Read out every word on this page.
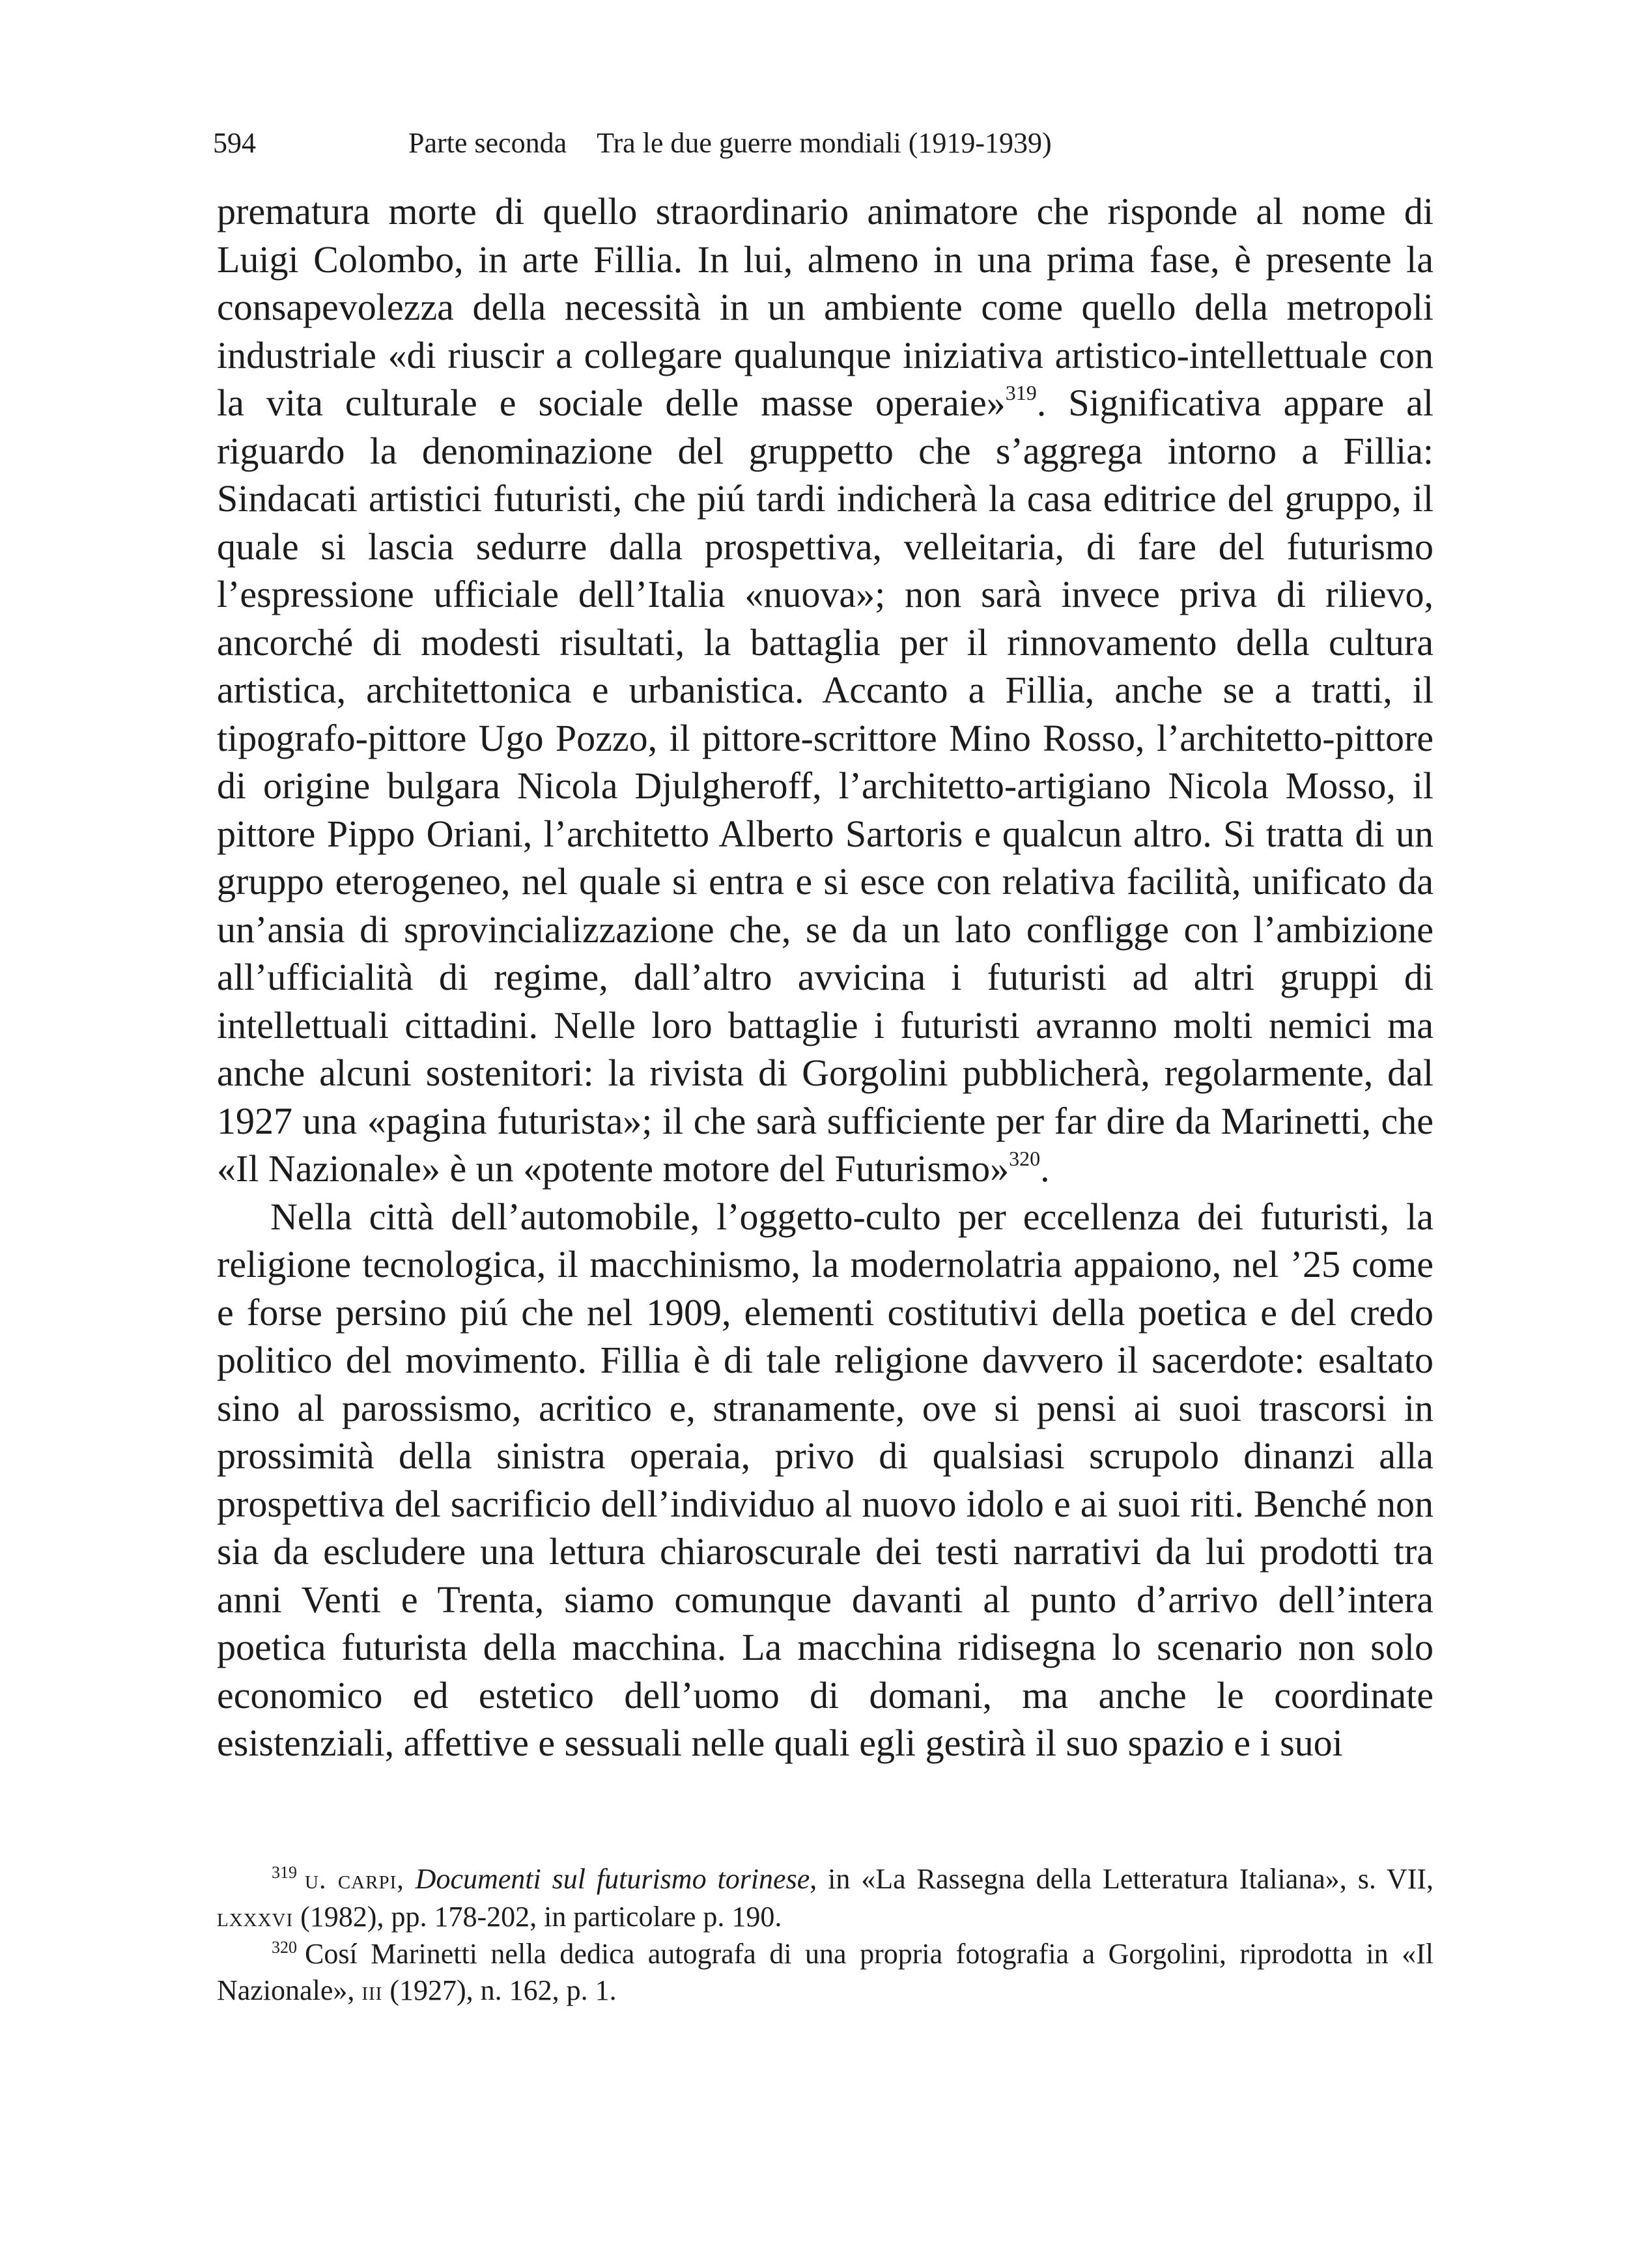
594	Parte seconda Tra le due guerre mondiali (1919-1939)

prematura morte di quello straordinario animatore che risponde al nome di Luigi Colombo, in arte Fillia. In lui, almeno in una prima fase, è presente la consapevolezza della necessità in un ambiente come quello della metropoli industriale «di riuscir a collegare qualunque iniziativa artistico-intellettuale con la vita culturale e sociale delle masse operaie»$^{319}$. Significativa appare al riguardo la denominazione del gruppetto che s’aggrega intorno a Fillia: Sindacati artistici futuristi, che piú tardi indicherà la casa editrice del gruppo, il quale si lascia sedurre dalla prospettiva, velleitaria, di fare del futurismo l’espressione ufficiale dell’Italia «nuova»; non sarà invece priva di rilievo, ancorché di modesti risultati, la battaglia per il rinnovamento della cultura artistica, architettonica e urbanistica. Accanto a Fillia, anche se a tratti, il tipografo-pittore Ugo Pozzo, il pittore-scrittore Mino Rosso, l’architetto-pittore di origine bulgara Nicola Djulgheroff, l’architetto-artigiano Nicola Mosso, il pittore Pippo Oriani, l’architetto Alberto Sartoris e qualcun altro. Si tratta di un gruppo eterogeneo, nel quale si entra e si esce con relativa facilità, unificato da un’ansia di sprovincializzazione che, se da un lato confligge con l’ambizione all’ufficialità di regime, dall’altro avvicina i futuristi ad altri gruppi di intellettuali cittadini. Nelle loro battaglie i futuristi avranno molti nemici ma anche alcuni sostenitori: la rivista di Gorgolini pubblicherà, regolarmente, dal 1927 una «pagina futurista»; il che sarà sufficiente per far dire da Marinetti, che «Il Nazionale» è un «potente motore del Futurismo»$^{320}$.

Nella città dell’automobile, l’oggetto-culto per eccellenza dei futuristi, la religione tecnologica, il macchinismo, la modernolatria appaiono, nel ’25 come e forse persino piú che nel 1909, elementi costitutivi della poetica e del credo politico del movimento. Fillia è di tale religione davvero il sacerdote: esaltato sino al parossismo, acritico e, stranamente, ove si pensi ai suoi trascorsi in prossimità della sinistra operaia, privo di qualsiasi scrupolo dinanzi alla prospettiva del sacrificio dell’individuo al nuovo idolo e ai suoi riti. Benché non sia da escludere una lettura chiaroscurale dei testi narrativi da lui prodotti tra anni Venti e Trenta, siamo comunque davanti al punto d’arrivo dell’intera poetica futurista della macchina. La macchina ridisegna lo scenario non solo economico ed estetico dell’uomo di domani, ma anche le coordinate esistenziali, affettive e sessuali nelle quali egli gestirà il suo spazio e i suoi

$^{319}$ u. carpi, Documenti sul futurismo torinese, in «La Rassegna della Letteratura Italiana», s. VII, lxxxvi (1982), pp. 178-202, in particolare p. 190.

$^{320}$ Cosí Marinetti nella dedica autografa di una propria fotografia a Gorgolini, riprodotta in «Il Nazionale», iii (1927), n. 162, p. 1.
